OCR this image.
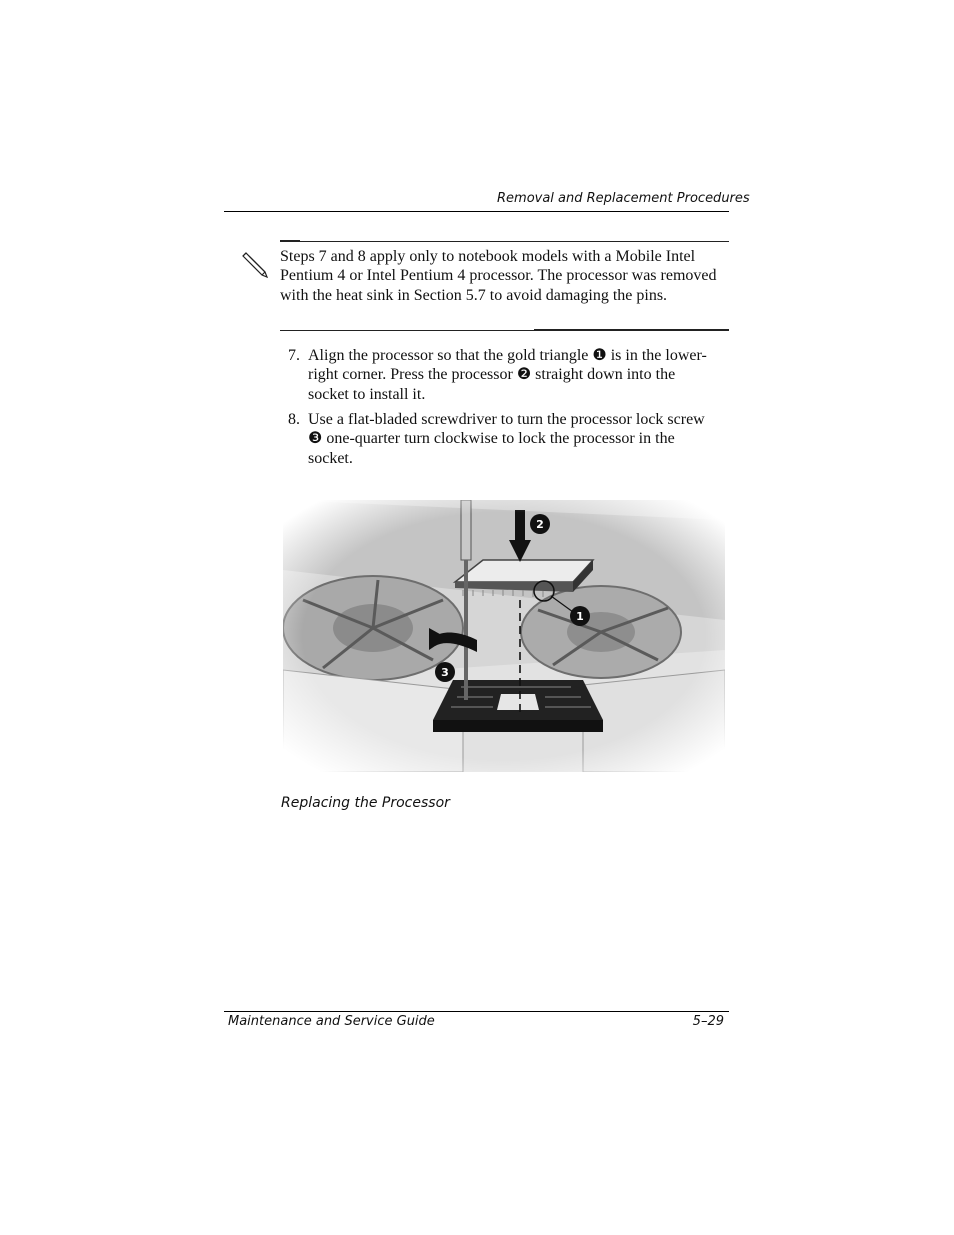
Removal and Replacement Procedures
Steps 7 and 8 apply only to notebook models with a Mobile Intel Pentium 4 or Intel Pentium 4 processor. The processor was removed with the heat sink in Section 5.7 to avoid damaging the pins.
7. Align the processor so that the gold triangle ❶ is in the lower- right corner. Press the processor ❷ straight down into the socket to install it.
8. Use a flat-bladed screwdriver to turn the processor lock screw ❸ one-quarter turn clockwise to lock the processor in the socket.
Replacing the Processor
Maintenance and Service Guide	5–29
